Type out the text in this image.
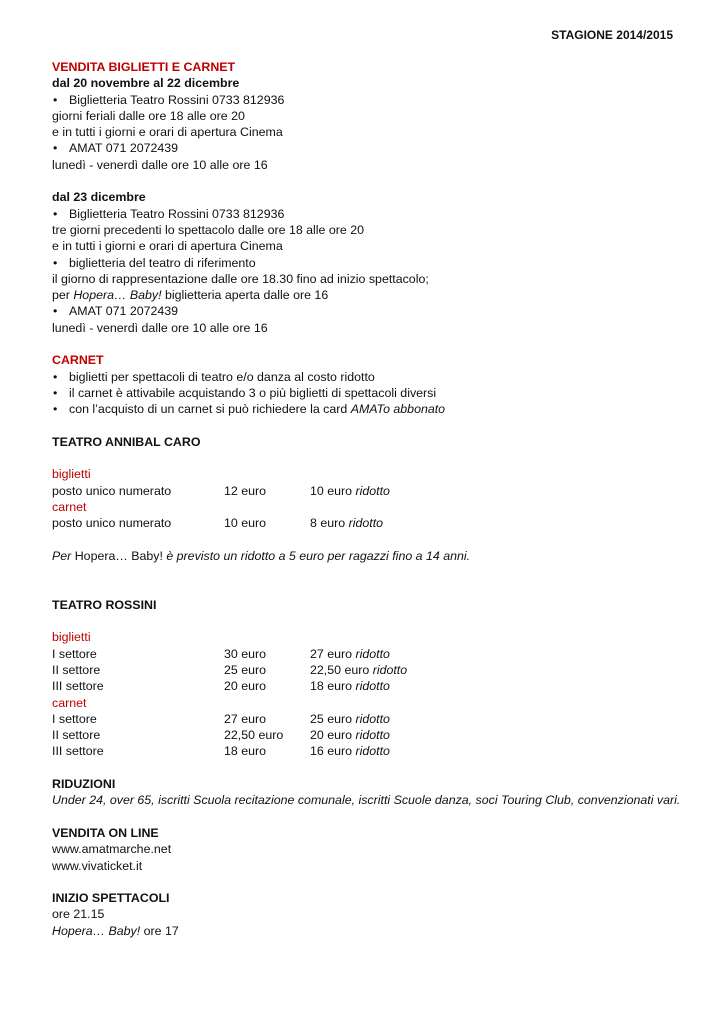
STAGIONE 2014/2015
VENDITA BIGLIETTI E CARNET
dal 20 novembre al 22 dicembre
• Biglietteria Teatro Rossini 0733 812936
giorni feriali dalle ore 18 alle ore 20
e in tutti i giorni e orari di apertura Cinema
• AMAT 071 2072439
lunedì - venerdì dalle ore 10 alle ore 16
dal 23 dicembre
• Biglietteria Teatro Rossini 0733 812936
tre giorni precedenti lo spettacolo dalle ore 18 alle ore 20
e in tutti i giorni e orari di apertura Cinema
• biglietteria del teatro di riferimento
il giorno di rappresentazione dalle ore 18.30 fino ad inizio spettacolo;
per Hopera… Baby! biglietteria aperta dalle ore 16
• AMAT 071 2072439
lunedì - venerdì dalle ore 10 alle ore 16
CARNET
• biglietti per spettacoli di teatro e/o danza al costo ridotto
• il carnet è attivabile acquistando 3 o più biglietti di spettacoli diversi
• con l’acquisto di un carnet si può richiedere la card AMATo abbonato
TEATRO ANNIBAL CARO
biglietti
posto unico numerato	12 euro	10 euro ridotto
carnet
posto unico numerato	10 euro	8 euro ridotto
Per Hopera… Baby! è previsto un ridotto a 5 euro per ragazzi fino a 14 anni.
TEATRO ROSSINI
biglietti
I settore	30 euro	27 euro ridotto
II settore	25 euro	22,50 euro ridotto
III settore	20 euro	18 euro ridotto
carnet
I settore	27 euro	25 euro ridotto
II settore	22,50 euro	20 euro ridotto
III settore	18 euro	16 euro ridotto
RIDUZIONI
Under 24, over 65, iscritti Scuola recitazione comunale, iscritti Scuole danza, soci Touring Club, convenzionati vari.
VENDITA ON LINE
www.amatmarche.net
www.vivaticket.it
INIZIO SPETTACOLI
ore 21.15
Hopera… Baby! ore 17
